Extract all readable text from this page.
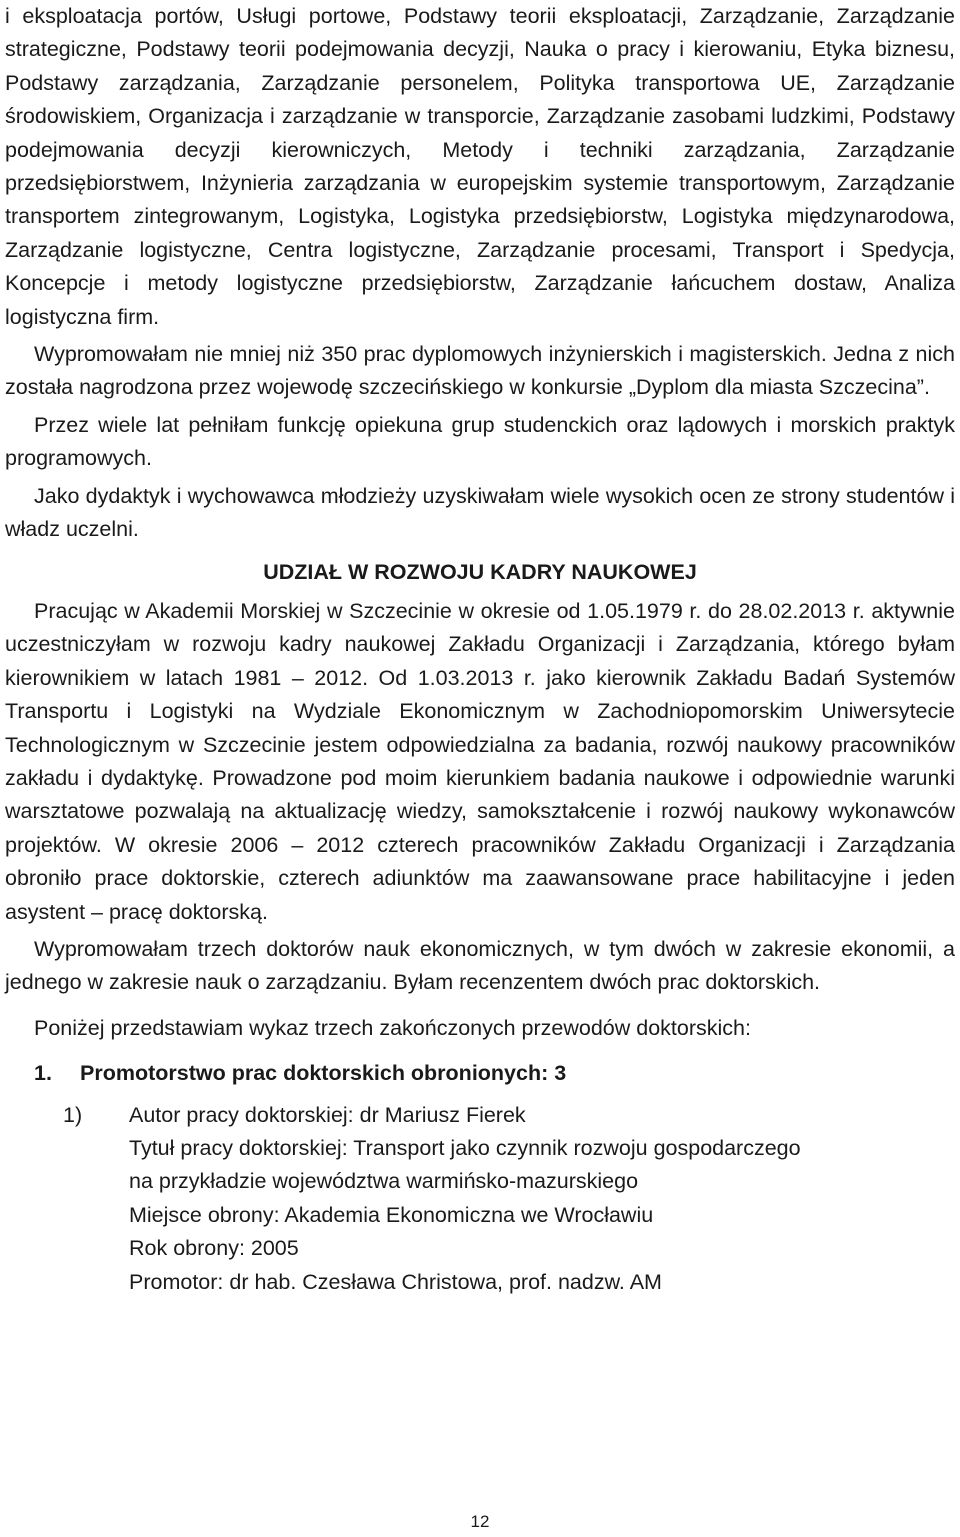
i eksploatacja portów, Usługi portowe, Podstawy teorii eksploatacji, Zarządzanie, Zarządzanie strategiczne, Podstawy teorii podejmowania decyzji, Nauka o pracy i kierowaniu, Etyka biznesu, Podstawy zarządzania, Zarządzanie personelem, Polityka transportowa UE, Zarządzanie środowiskiem, Organizacja i zarządzanie w transporcie, Zarządzanie zasobami ludzkimi, Podstawy podejmowania decyzji kierowniczych, Metody i techniki zarządzania, Zarządzanie przedsiębiorstwem, Inżynieria zarządzania w europejskim systemie transportowym, Zarządzanie transportem zintegrowanym, Logistyka, Logistyka przedsiębiorstw, Logistyka międzynarodowa, Zarządzanie logistyczne, Centra logistyczne, Zarządzanie procesami, Transport i Spedycja, Koncepcje i metody logistyczne przedsiębiorstw, Zarządzanie łańcuchem dostaw, Analiza logistyczna firm.

Wypromowałam nie mniej niż 350 prac dyplomowych inżynierskich i magisterskich. Jedna z nich została nagrodzona przez wojewodę szczecińskiego w konkursie „Dyplom dla miasta Szczecina”.

Przez wiele lat pełniłam funkcję opiekuna grup studenckich oraz lądowych i morskich praktyk programowych.

Jako dydaktyk i wychowawca młodzieży uzyskiwałam wiele wysokich ocen ze strony studentów i władz uczelni.

UDZIAŁ W ROZWOJU KADRY NAUKOWEJ

Pracując w Akademii Morskiej w Szczecinie w okresie od 1.05.1979 r. do 28.02.2013 r. aktywnie uczestniczyłam w rozwoju kadry naukowej Zakładu Organizacji i Zarządzania, którego byłam kierownikiem w latach 1981 – 2012. Od 1.03.2013 r. jako kierownik Zakładu Badań Systemów Transportu i Logistyki na Wydziale Ekonomicznym w Zachodniopomorskim Uniwersytecie Technologicznym w Szczecinie jestem odpowiedzialna za badania, rozwój naukowy pracowników zakładu i dydaktykę. Prowadzone pod moim kierunkiem badania naukowe i odpowiednie warunki warsztatowe pozwalają na aktualizację wiedzy, samokształcenie i rozwój naukowy wykonawców projektów. W okresie 2006 – 2012 czterech pracowników Zakładu Organizacji i Zarządzania obroniło prace doktorskie, czterech adiunktów ma zaawansowane prace habilitacyjne i jeden asystent – pracę doktorską.

Wypromowałam trzech doktorów nauk ekonomicznych, w tym dwóch w zakresie ekonomii, a jednego w zakresie nauk o zarządzaniu. Byłam recenzentem dwóch prac doktorskich.

Poniżej przedstawiam wykaz trzech zakończonych przewodów doktorskich:

1.	Promotorstwo prac doktorskich obronionych: 3
1)	Autor pracy doktorskiej: dr Mariusz Fierek
Tytuł pracy doktorskiej: Transport jako czynnik rozwoju gospodarczego
na przykładzie województwa warmińsko-mazurskiego
Miejsce obrony: Akademia Ekonomiczna we Wrocławiu
Rok obrony: 2005
Promotor: dr hab. Czesława Christowa, prof. nadzw. AM
12
